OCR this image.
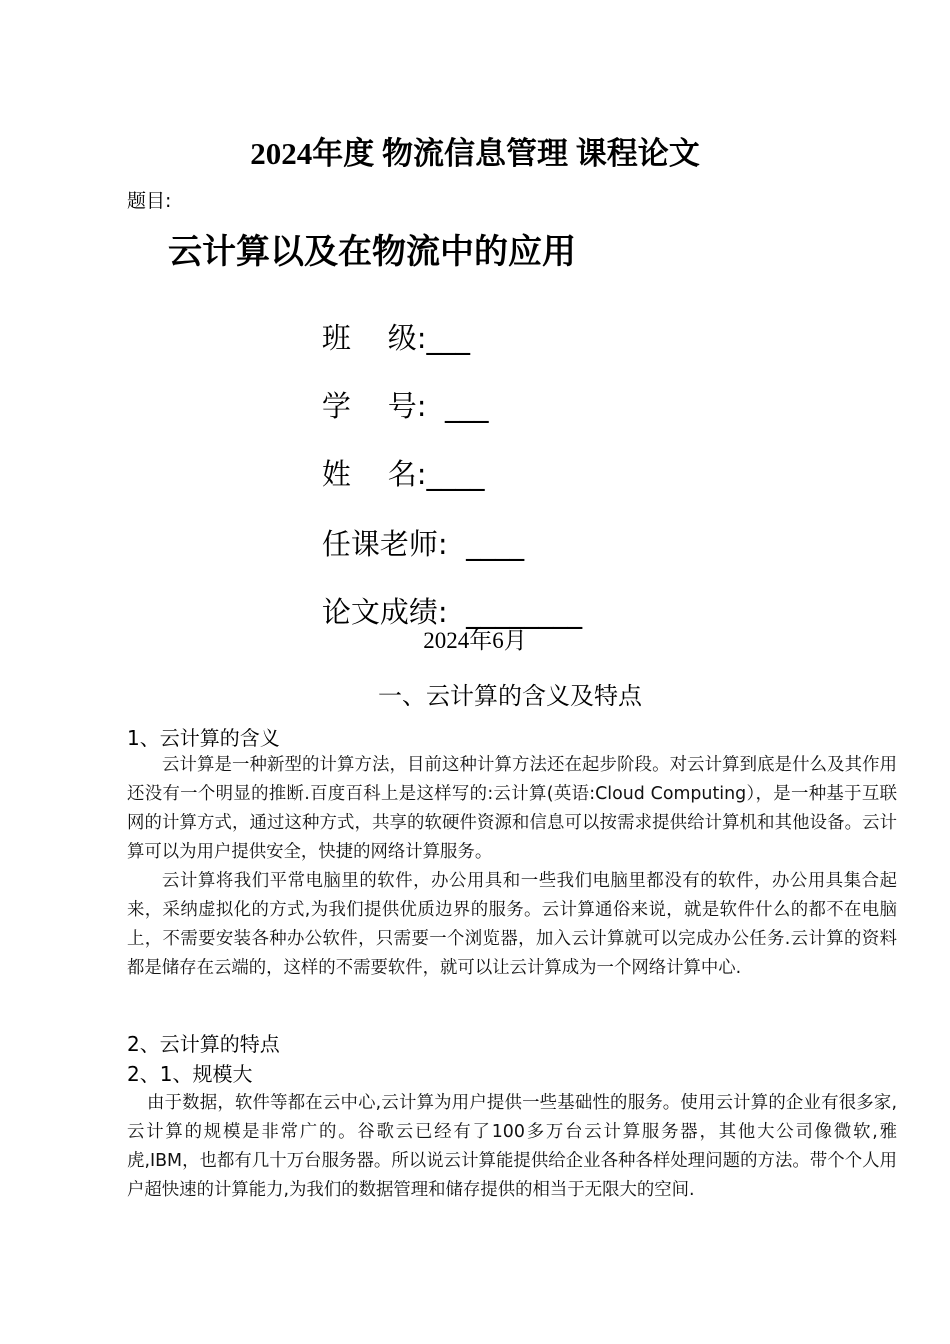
2024年度 物流信息管理 课程论文
题目:
云计算以及在物流中的应用

班    级:___

学    号:  ___

姓    名:____

任课老师:  ____

论文成绩:  ________

2024年6月
一、云计算的含义及特点
1、云计算的含义

云计算是一种新型的计算方法，目前这种计算方法还在起步阶段。对云计算到底是什么及其作用还没有一个明显的推断.百度百科上是这样写的:云计算(英语:Cloud Computing），是一种基于互联网的计算方式，通过这种方式，共享的软硬件资源和信息可以按需求提供给计算机和其他设备。云计算可以为用户提供安全，快捷的网络计算服务。

云计算将我们平常电脑里的软件，办公用具和一些我们电脑里都没有的软件，办公用具集合起来，采纳虚拟化的方式,为我们提供优质边界的服务。云计算通俗来说，就是软件什么的都不在电脑上，不需要安装各种办公软件，只需要一个浏览器，加入云计算就可以完成办公任务.云计算的资料都是储存在云端的，这样的不需要软件，就可以让云计算成为一个网络计算中心.

2、云计算的特点
2、1、规模大

由于数据，软件等都在云中心,云计算为用户提供一些基础性的服务。使用云计算的企业有很多家,云计算的规模是非常广的。谷歌云已经有了100多万台云计算服务器，其他大公司像微软,雅虎,IBM，也都有几十万台服务器。所以说云计算能提供给企业各种各样处理问题的方法。带个个人用户超快速的计算能力,为我们的数据管理和储存提供的相当于无限大的空间.
